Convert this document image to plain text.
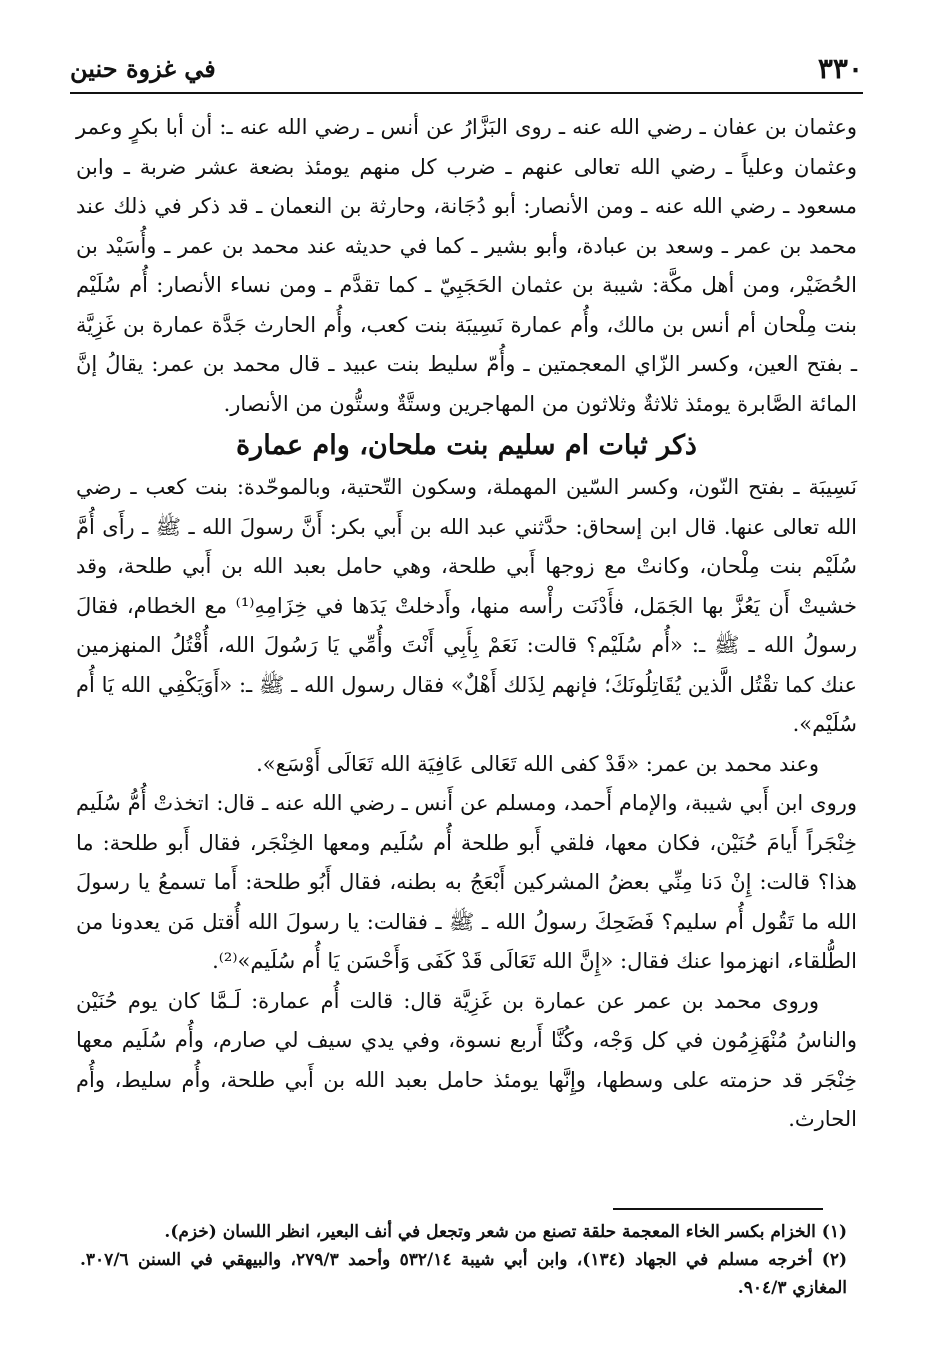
٣٣٠
في غزوة حنين

وعثمان بن عفان ـ رضي الله عنه ـ روى البَزَّارُ عن أنس ـ رضي الله عنه ـ: أن أبا بكرٍ وعمر وعثمان وعلياً ـ رضي الله تعالى عنهم ـ ضرب كل منهم يومئذ بضعة عشر ضربة ـ وابن مسعود ـ رضي الله عنه ـ ومن الأنصار: أبو دُجَانة، وحارثة بن النعمان ـ قد ذكر في ذلك عند محمد بن عمر ـ وسعد بن عبادة، وأبو بشير ـ كما في حديثه عند محمد بن عمر ـ وأُسَيْد بن الحُضَيْر، ومن أهل مكَّة: شيبة بن عثمان الحَجَبِيّ ـ كما تقدَّم ـ ومن نساء الأنصار: أُم سُلَيْم بنت مِلْحان أم أنس بن مالك، وأُم عمارة نَسِيبَة بنت كعب، وأُم الحارث جَدَّة عمارة بن غَزِيَّة ـ بفتح العين، وكسر الزّاي المعجمتين ـ وأُمّ سليط بنت عبيد ـ قال محمد بن عمر: يقالُ إنَّ المائة الصَّابرة يومئذ ثلاثةٌ وثلاثون من المهاجرين وستَّةٌ وستُّون من الأنصار.

ذكر ثبات ام سليم بنت ملحان، وام عمارة

نَسِيبَة ـ بفتح النّون، وكسر السّين المهملة، وسكون التّحتية، وبالموحّدة: بنت كعب ـ رضي الله تعالى عنها. قال ابن إسحاق: حدَّثني عبد الله بن أَبي بكر: أَنَّ رسولَ الله ـ ﷺ ـ رأَى أُمَّ سُلَيْم بنت مِلْحان، وكانتْ مع زوجها أَبي طلحة، وهي حامل بعبد الله بن أَبي طلحة، وقد خشيتْ أَن يَعُزَّ بها الجَمَل، فأَدْنَت رأْسه منها، وأَدخلتْ يَدَها في خِزَامِهِ⁽¹⁾ مع الخطام، فقالَ رسولُ الله ـ ﷺ ـ: «أُم سُلَيْم؟ قالت: نَعَمْ بِأَبِي أَنْتَ وأُمِّي يَا رَسُولَ الله، أُقْتُلُ المنهزمين عنك كما تقْتُل الَّذين يُقَاتِلُونَكَ؛ فإنهم لِذَلك أَهْلٌ» فقال رسول الله ـ ﷺ ـ: «أَوَيَكْفِي الله يَا أُم سُلَيْم».

وعند محمد بن عمر: «قَدْ كفى الله تَعَالى عَافِيَة الله تَعَالَى أَوْسَع».

وروى ابن أَبي شيبة، والإمام أَحمد، ومسلم عن أَنس ـ رضي الله عنه ـ قال: اتخذتْ أُمُّ سُلَيم خِنْجَراً أَيامَ حُنَيْن، فكان معها، فلقي أَبو طلحة أُم سُلَيم ومعها الخِنْجَر، فقال أَبو طلحة: ما هذا؟ قالت: إِنْ دَنا مِنِّي بعضُ المشركين أَبْعَجُ به بطنه، فقال أَبُو طلحة: أَما تسمعُ يا رسولَ الله ما تَقُول أُم سليم؟ فَضَحِكَ رسولُ الله ـ ﷺ ـ فقالت: يا رسولَ الله أُقتل مَن يعدونا من الطُّلقاء، انهزموا عنك فقال: «إِنَّ الله تَعَالَى قَدْ كَفَى وَأَحْسَن يَا أُم سُلَيم»⁽²⁾.

وروى محمد بن عمر عن عمارة بن غَزِيَّة قال: قالت أُم عمارة: لَـمَّا كان يوم حُنَيْن والناسُ مُنْهَزِمُون في كل وَجْه، وكُنَّا أَربع نسوة، وفي يدي سيف لي صارم، وأُم سُلَيم معها خِنْجَر قد حزمته على وسطها، وإِنَّها يومئذ حامل بعبد الله بن أَبي طلحة، وأُم سليط، وأُم الحارث.

(١) الخزام بكسر الخاء المعجمة حلقة تصنع من شعر وتجعل في أنف البعير، انظر اللسان (خزم).

(٢) أخرجه مسلم في الجهاد (١٣٤)، وابن أبي شيبة ٥٣٢/١٤ وأحمد ٢٧٩/٣، والبيهقي في السنن ٣٠٧/٦. المغازي ٩٠٤/٣.
